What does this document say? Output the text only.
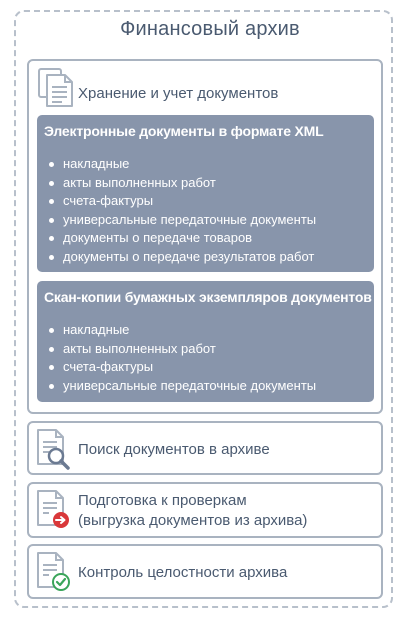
Финансовый архив
Хранение и учет документов
Электронные документы в формате XML
накладные
акты выполненных работ
счета-фактуры
универсальные передаточные документы
документы о передаче товаров
документы о передаче результатов работ
Скан-копии бумажных экземпляров документов
накладные
акты выполненных работ
счета-фактуры
универсальные передаточные документы
Поиск документов в архиве
Подготовка к проверкам
(выгрузка документов из архива)
Контроль целостности архива
